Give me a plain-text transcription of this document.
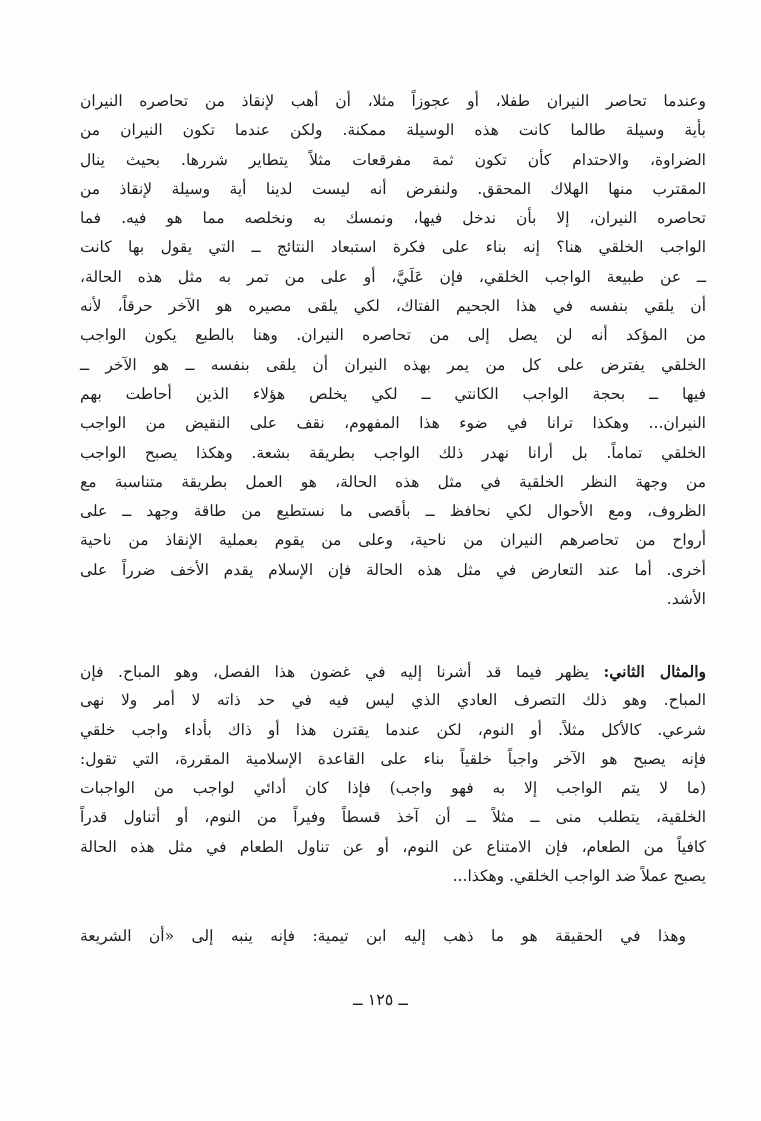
وعندما تحاصر النيران طفلا، أو عجوزاً مثلا، أن أهب لإنقاذ من تحاصره النيران
بأية وسيلة طالما كانت هذه الوسيلة ممكنة. ولكن عندما تكون النيران من
الضراوة، والاحتدام كأن تكون ثمة مفرقعات مثلاً يتطاير شررها. بحيث ينال
المقترب منها الهلاك المحقق. ولنفرض أنه ليست لدينا أية وسيلة لإنقاذ من
تحاصره النيران، إلا بأن ندخل فيها، ونمسك به ونخلصه مما هو فيه. فما
الواجب الخلقي هنا؟ إنه بناء على فكرة استبعاد النتائج ــ التي يقول بها كانت
ــ عن طبيعة الواجب الخلقي، فإن عَلَيَّ، أو على من تمر به مثل هذه الحالة،
أن يلقي بنفسه في هذا الجحيم الفتاك، لكي يلقى مصيره هو الآخر حرقاً، لأنه
من المؤكد أنه لن يصل إلى من تحاصره النيران. وهنا بالطبع يكون الواجب
الخلقي يفترض على كل من يمر بهذه النيران أن يلقى بنفسه ــ هو الآخر ــ
فيها ــ بحجة الواجب الكانتي ــ لكي يخلص هؤلاء الذين أحاطت بهم
النيران... وهكذا ترانا في ضوء هذا المفهوم، نقف على النقيض من الواجب
الخلقي تماماً. بل أرانا نهدر ذلك الواجب بطريقة بشعة. وهكذا يصبح الواجب
من وجهة النظر الخلقية في مثل هذه الحالة، هو العمل بطريقة متناسبة مع
الظروف، ومع الأحوال لكي نحافظ ــ بأقصى ما نستطيع من طاقة وجهد ــ على
أرواح من تحاصرهم النيران من ناحية، وعلى من يقوم بعملية الإنقاذ من ناحية
أخرى. أما عند التعارض في مثل هذه الحالة فإن الإسلام يقدم الأخف ضرراً على
الأشد.
والمثال الثاني: يظهر فيما قد أشرنا إليه في غضون هذا الفصل، وهو المباح. فإن
المباح. وهو ذلك التصرف العادي الذي ليس فيه في حد ذاته لا أمر ولا نهى
شرعي. كالأكل مثلاً. أو النوم، لكن عندما يقترن هذا أو ذاك بأداء واجب خلقي
فإنه يصبح هو الآخر واجباً خلقياً بناء على القاعدة الإسلامية المقررة، التي تقول:
(ما لا يتم الواجب إلا به فهو واجب) فإذا كان أدائي لواجب من الواجبات
الخلقية، يتطلب منى ــ مثلاً ــ أن آخذ قسطاً وفيراً من النوم، أو أتناول قدراً
كافياً من الطعام، فإن الامتناع عن النوم، أو عن تناول الطعام في مثل هذه الحالة
يصبح عملاً ضد الواجب الخلقي. وهكذا...
وهذا في الحقيقة هو ما ذهب إليه ابن تيمية: فإنه ينبه إلى «أن الشريعة
ــ ١٢٥ ــ
